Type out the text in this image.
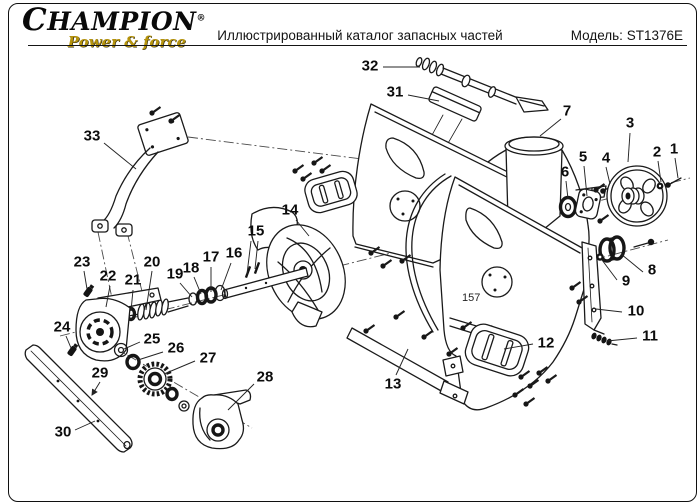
CHAMPION®
Power & force	Иллюстрированный каталог запасных частей	Модель: ST1376E
157
1
2
3
4
5
6
7
8
9
10
11
12
13
14
15
16
17
18
19
20
21
22
23
24
25
26
27
28
29
30
31
32
33
